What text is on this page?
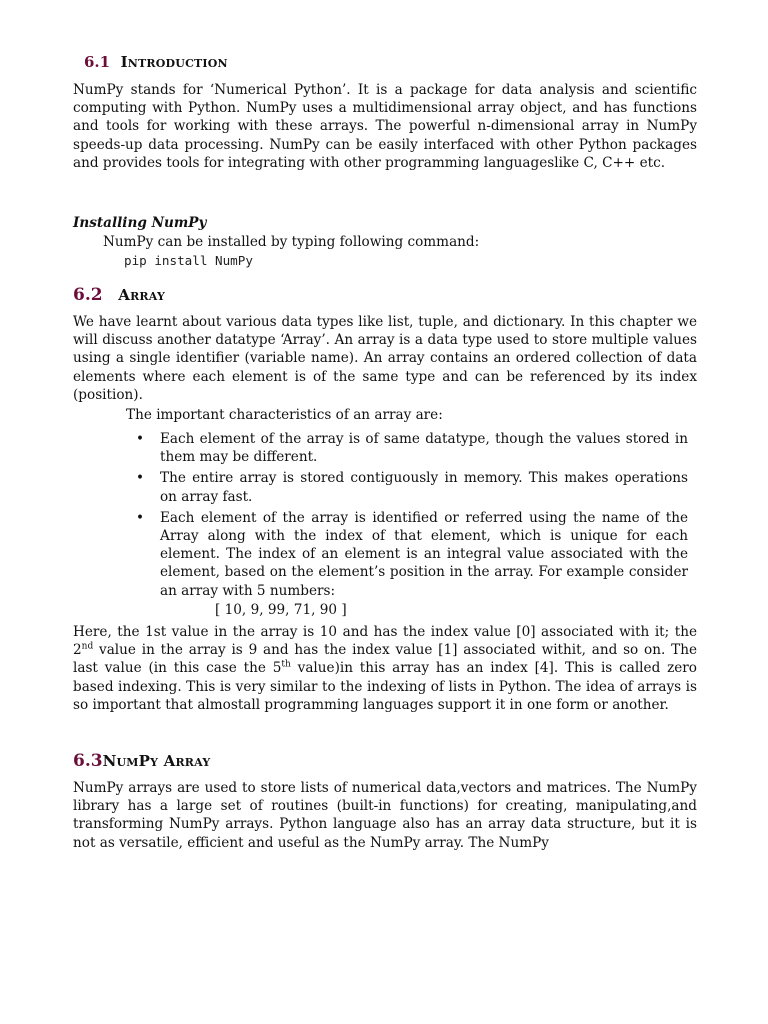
6.1 Introduction
NumPy stands for ‘Numerical Python’. It is a package for data analysis and scientific computing with Python. NumPy uses a multidimensional array object, and has functions and tools for working with these arrays. The powerful n-dimensional array in NumPy speeds-up data processing. NumPy can be easily interfaced with other Python packages and provides tools for integrating with other programming languageslike C, C++ etc.
Installing NumPy
NumPy can be installed by typing following command:
pip install NumPy
6.2 Array
We have learnt about various data types like list, tuple, and dictionary. In this chapter we will discuss another datatype ‘Array’. An array is a data type used to store multiple values using a single identifier (variable name). An array contains an ordered collection of data elements where each element is of the same type and can be referenced by its index (position).
The important characteristics of an array are:
• Each element of the array is of same datatype, though the values stored in them may be different.
• The entire array is stored contiguously in memory. This makes operations on array fast.
• Each element of the array is identified or referred using the name of the Array along with the index of that element, which is unique for each element. The index of an element is an integral value associated with the element, based on the element’s position in the array. For example consider an array with 5 numbers:
[ 10, 9, 99, 71, 90 ]
Here, the 1st value in the array is 10 and has the index value [0] associated with it; the 2nd value in the array is 9 and has the index value [1] associated withit, and so on. The last value (in this case the 5th value)in this array has an index [4]. This is called zero based indexing. This is very similar to the indexing of lists in Python. The idea of arrays is so important that almostall programming languages support it in one form or another.
6.3NumPy Array
NumPy arrays are used to store lists of numerical data,vectors and matrices. The NumPy library has a large set of routines (built-in functions) for creating, manipulating,and transforming NumPy arrays. Python language also has an array data structure, but it is not as versatile, efficient and useful as the NumPy array. The NumPy
